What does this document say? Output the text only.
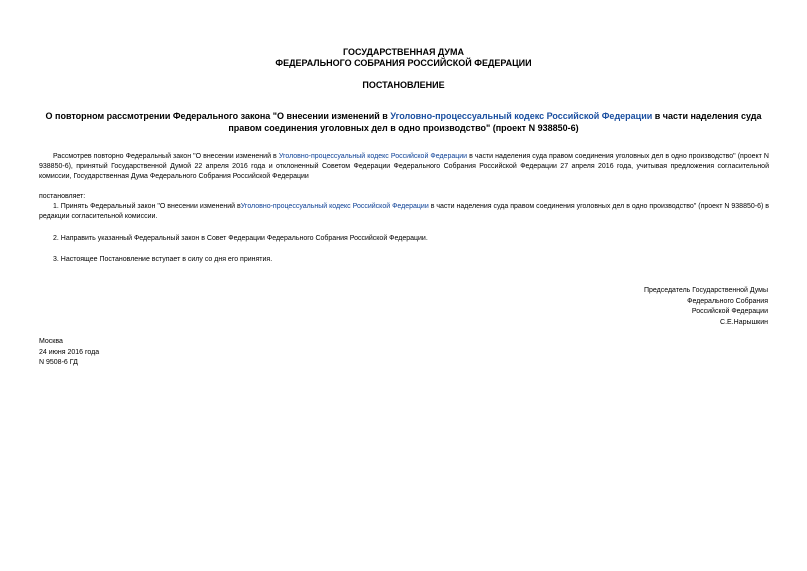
ГОСУДАРСТВЕННАЯ ДУМА
ФЕДЕРАЛЬНОГО СОБРАНИЯ РОССИЙСКОЙ ФЕДЕРАЦИИ
ПОСТАНОВЛЕНИЕ
О повторном рассмотрении Федерального закона "О внесении изменений в Уголовно-процессуальный кодекс Российской Федерации в части наделения суда правом соединения уголовных дел в одно производство" (проект N 938850-6)
Рассмотрев повторно Федеральный закон "О внесении изменений в Уголовно-процессуальный кодекс Российской Федерации в части наделения суда правом соединения уголовных дел в одно производство" (проект N 938850-6), принятый Государственной Думой 22 апреля 2016 года и отклоненный Советом Федерации Федерального Собрания Российской Федерации 27 апреля 2016 года, учитывая предложения согласительной комиссии, Государственная Дума Федерального Собрания Российской Федерации
постановляет:
1. Принять Федеральный закон "О внесении изменений вУголовно-процессуальный кодекс Российской Федерации в части наделения суда правом соединения уголовных дел в одно производство" (проект N 938850-6) в редакции согласительной комиссии.
2. Направить указанный Федеральный закон в Совет Федерации Федерального Собрания Российской Федерации.
3. Настоящее Постановление вступает в силу со дня его принятия.
Председатель Государственной Думы
Федерального Собрания
Российской Федерации
С.Е.Нарышкин
Москва
24 июня 2016 года
N 9508-6 ГД
